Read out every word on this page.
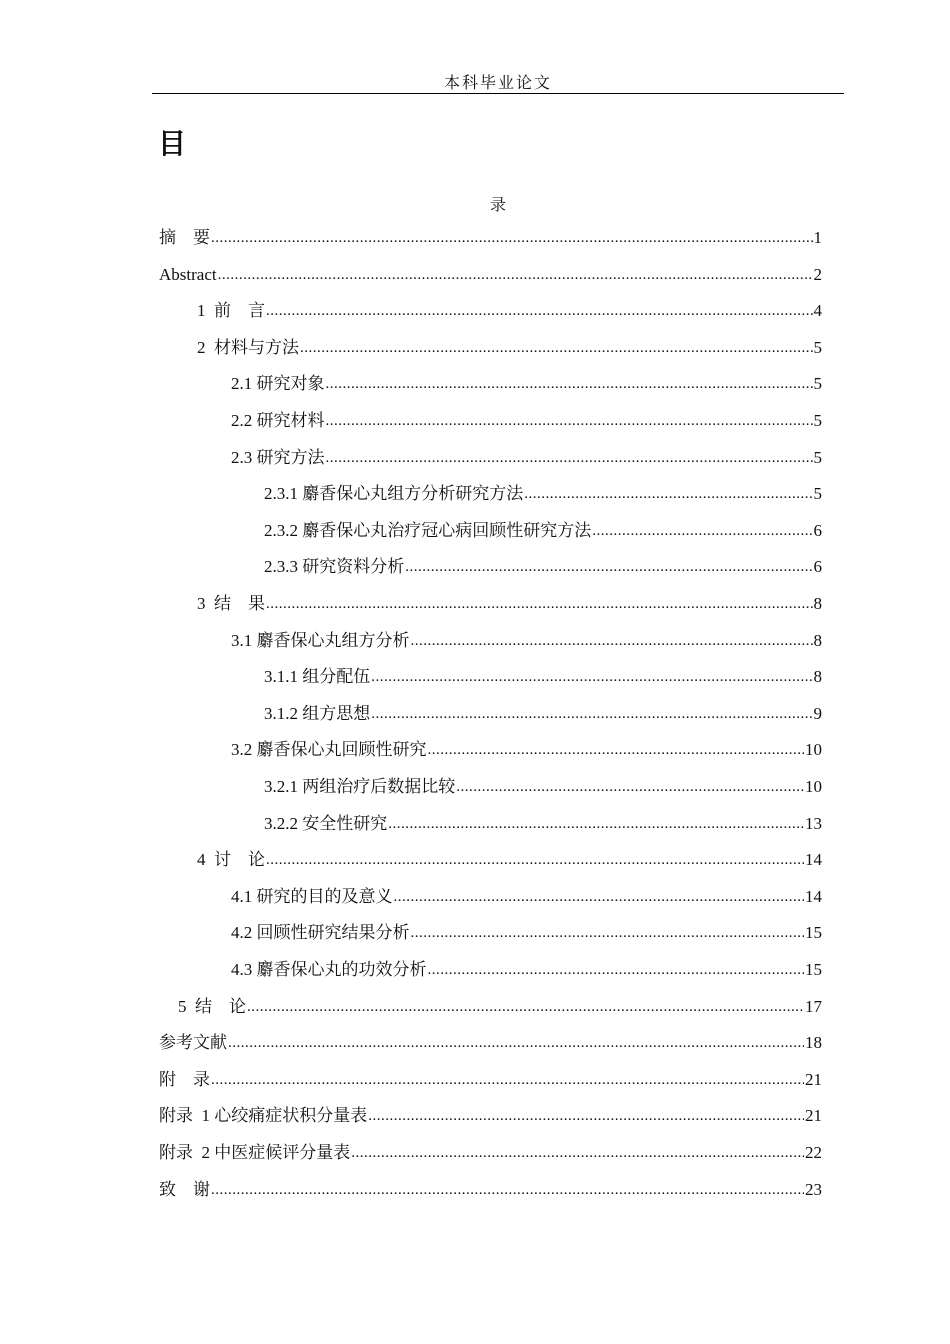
本科毕业论文
目
录
摘　要 .....	1
Abstract .....	2
1  前　言 .....	4
2  材料与方法 .....	5
2.1 研究对象 .....	5
2.2 研究材料 .....	5
2.3 研究方法 .....	5
2.3.1 麝香保心丸组方分析研究方法 .....	5
2.3.2 麝香保心丸治疗冠心病回顾性研究方法 .....	6
2.3.3 研究资料分析 .....	6
3  结　果 .....	8
3.1 麝香保心丸组方分析 .....	8
3.1.1 组分配伍 .....	8
3.1.2 组方思想 .....	9
3.2 麝香保心丸回顾性研究 .....	10
3.2.1 两组治疗后数据比较 .....	10
3.2.2 安全性研究 .....	13
4  讨　论 .....	14
4.1 研究的目的及意义 .....	14
4.2 回顾性研究结果分析 .....	15
4.3 麝香保心丸的功效分析 .....	15
5  结　论 .....	17
参考文献 .....	18
附　录 .....	21
附录  1 心绞痛症状积分量表 .....	21
附录  2 中医症候评分量表 .....	22
致　谢 .....	23
